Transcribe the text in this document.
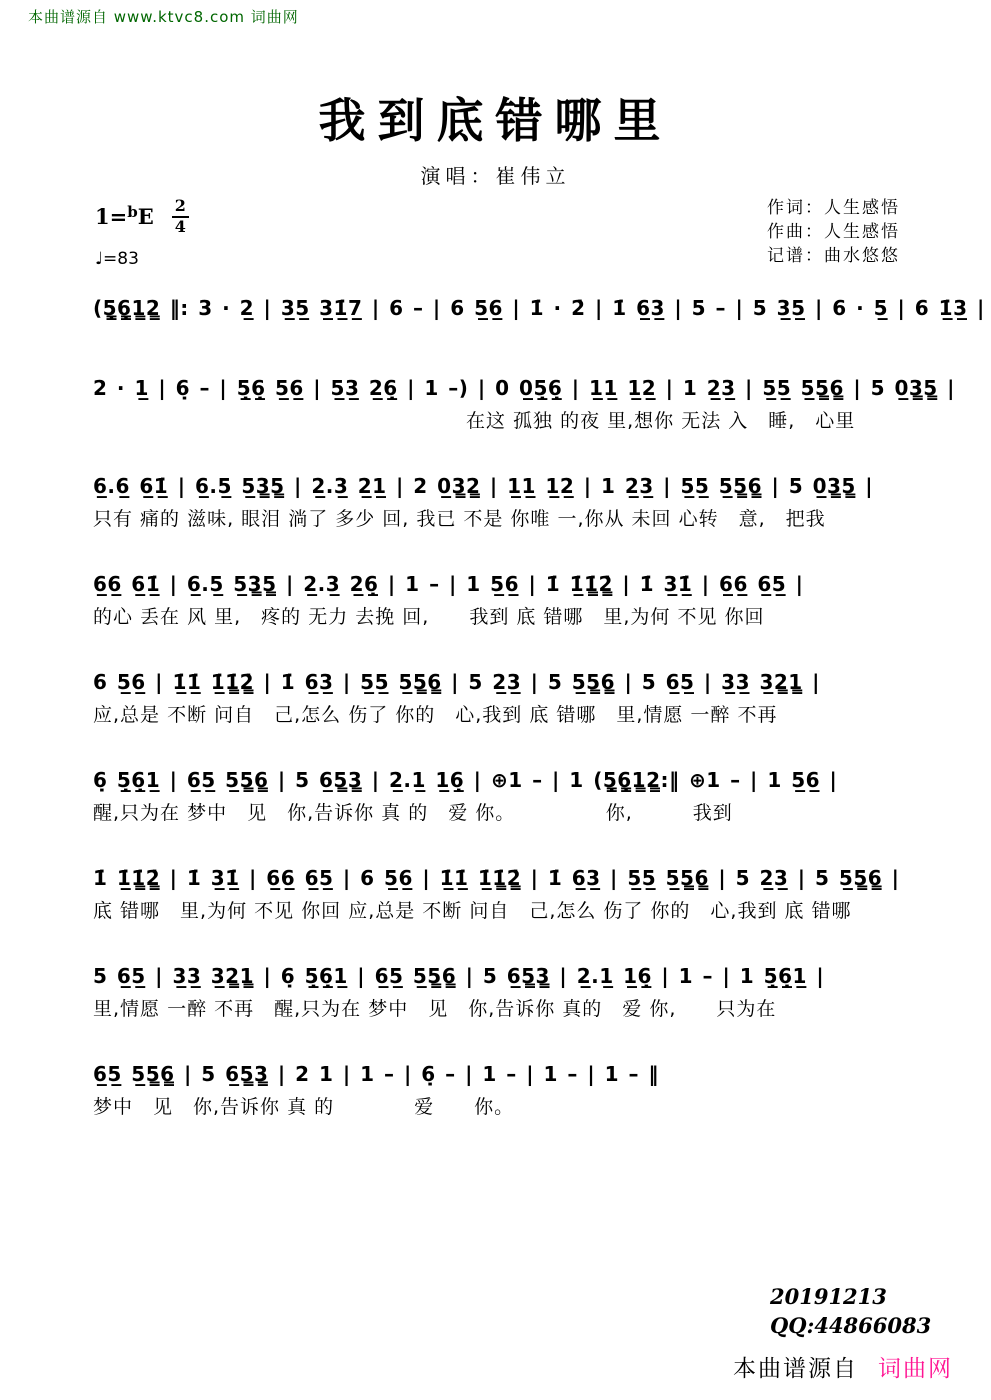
本曲谱源自 www.ktvc8.com 词曲网
我到底错哪里
演唱：崔伟立
1= b E $\frac{2}{4}$
♩=83
作词：人生感悟
作曲：人生感悟
记谱：曲水悠悠
(5̳̣6̳̣1̳2̳ ‖: 3 · 2̲ | 3̲5̲ 3̲1̲̇7̲ | 6 – | 6 5̲6̲ | 1̇ · 2̇ | 1̇ 6̲3̲ | 5 – | 5 3̲5̲ | 6 · 5̲ | 6 1̲̇3̲ |
2 · 1̲ | 6̣ – | 5̲̣6̲̣ 5̲6̲ | 5̲3̲ 2̲6̲̣ | 1 –) | 0 0̲5̲̣6̲̣ | 1̲1̲ 1̲2̲ | 1 2̲3̲ | 5̲5̲ 5̲5̳6̳ | 5 0̲3̳5̳ |
在这 孤独 的夜 里,想你 无法 入　睡,　心里
6̲.6̲ 6̲1̲̇ | 6̲.5̲ 5̲3̳5̳ | 2̲.3̲ 2̲1̲ | 2 0̲3̳2̳ | 1̲1̲ 1̲2̲ | 1 2̲3̲ | 5̲5̲ 5̲5̳6̳ | 5 0̲3̳5̳ |
只有 痛的 滋味, 眼泪 淌了 多少 回, 我已 不是 你唯 一,你从 未回 心转　意,　把我
6̲6̲ 6̲1̲̇ | 6̲.5̲ 5̲3̳5̳ | 2̲.3̲ 2̲6̲̣ | 1 – | 1 5̲6̲ | 1̇ 1̲̇1̳̇2̳̇ | 1̇ 3̲1̲̇ | 6̲6̲ 6̲5̲ |
的心 丢在 风 里,　疼的 无力 去挽 回,　　我到 底 错哪　里,为何 不见 你回
6 5̲6̲ | 1̲̇1̲̇ 1̲̇1̳̇2̳̇ | 1̇ 6̲3̲ | 5̲5̲ 5̲5̳6̳ | 5 2̲3̲ | 5 5̲5̳6̳ | 5 6̲5̲ | 3̲3̲ 3̲2̳1̳ |
应,总是 不断 问自　己,怎么 伤了 你的　心,我到 底 错哪　里,情愿 一醉 不再
6̣ 5̲̣6̲̣1̲ | 6̲5̲ 5̲5̳6̳ | 5 6̲5̳3̳ | 2̲.1̲ 1̲6̲̣ | ⊕1 – | 1 (5̳̣6̳̣1̳2̳:‖ ⊕1 – | 1 5̲6̲ |
醒,只为在 梦中　见　你,告诉你 真 的　爱 你。　　　　　你,　　　我到
1̇ 1̲̇1̳̇2̳̇ | 1̇ 3̲1̲̇ | 6̲6̲ 6̲5̲ | 6 5̲6̲ | 1̲̇1̲̇ 1̲̇1̳̇2̳̇ | 1̇ 6̲3̲ | 5̲5̲ 5̲5̳6̳ | 5 2̲3̲ | 5 5̲5̳6̳ |
底 错哪　里,为何 不见 你回 应,总是 不断 问自　己,怎么 伤了 你的　心,我到 底 错哪
5 6̲5̲ | 3̲3̲ 3̲2̳1̳ | 6̣ 5̲̣6̲̣1̲ | 6̲5̲ 5̲5̳6̳ | 5 6̲5̳3̳ | 2̲.1̲ 1̲6̲̣ | 1 – | 1 5̲̣6̲̣1̲ |
里,情愿 一醉 不再　醒,只为在 梦中　见　你,告诉你 真的　爱 你,　　只为在
6̲5̲ 5̲5̳6̳ | 5 6̲5̳3̳ | 2 1 | 1 – | 6̣ – | 1 – | 1 – | 1 – ‖
梦中　见　你,告诉你 真 的　　　　爱　　你。
20191213
QQ:44866083
本曲谱源自 词曲网
